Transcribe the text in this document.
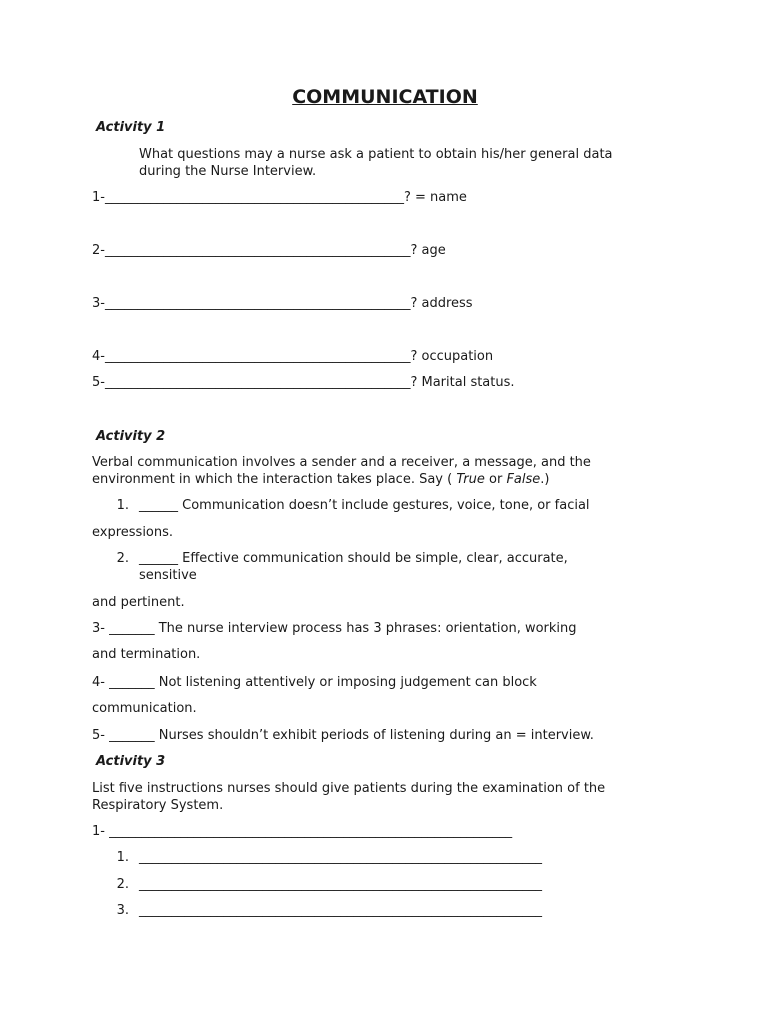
COMMUNICATION
Activity 1
What questions may a nurse ask a patient to obtain his/her general data
during the Nurse Interview.
1-______________________________________________? = name
2-_______________________________________________? age
3-_______________________________________________? address
4-_______________________________________________? occupation
5-_______________________________________________? Marital status.
Activity 2
Verbal communication involves a sender and a receiver, a message, and the
environment in which the interaction takes place. Say ( True or False.)
1. ______ Communication doesn’t include gestures, voice, tone, or facial
expressions.
2. ______ Effective communication should be simple, clear, accurate,
sensitive
and pertinent.
3- _______ The nurse interview process has 3 phrases: orientation, working
and termination.
4- _______ Not listening attentively or imposing judgement can block
communication.
5- _______ Nurses shouldn’t exhibit periods of listening during an = interview.
Activity 3
List five instructions nurses should give patients during the examination of the
Respiratory System.
1- ______________________________________________________________
1. ______________________________________________________________
2. ______________________________________________________________
3. ______________________________________________________________
